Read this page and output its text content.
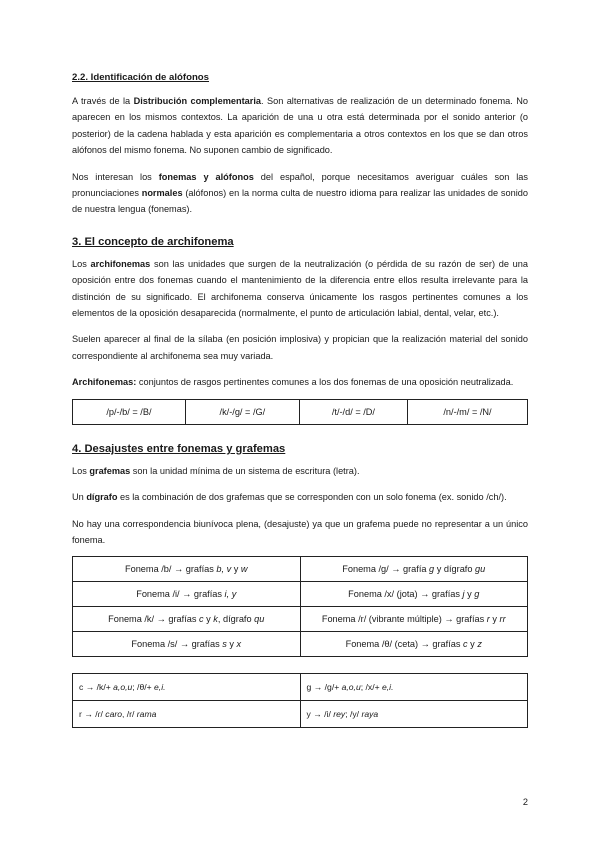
2.2. Identificación de alófonos

A través de la Distribución complementaria. Son alternativas de realización de un determinado fonema. No aparecen en los mismos contextos. La aparición de una u otra está determinada por el sonido anterior (o posterior) de la cadena hablada y esta aparición es complementaria a otros contextos en los que se dan otros alófonos del mismo fonema. No suponen cambio de significado.

Nos interesan los fonemas y alófonos del español, porque necesitamos averiguar cuáles son las pronunciaciones normales (alófonos) en la norma culta de nuestro idioma para realizar las unidades de sonido de nuestra lengua (fonemas).

3. El concepto de archifonema

Los archifonemas son las unidades que surgen de la neutralización (o pérdida de su razón de ser) de una oposición entre dos fonemas cuando el mantenimiento de la diferencia entre ellos resulta irrelevante para la distinción de su significado. El archifonema conserva únicamente los rasgos pertinentes comunes a los elementos de la oposición desaparecida (normalmente, el punto de articulación labial, dental, velar, etc.).

Suelen aparecer al final de la sílaba (en posición implosiva) y propician que la realización material del sonido correspondiente al archifonema sea muy variada.

Archifonemas: conjuntos de rasgos pertinentes comunes a los dos fonemas de una oposición neutralizada.

/p/-/b/ = /B/	/k/-/g/ = /G/	/t/-/d/ = /D/	/n/-/m/ = /N/
4. Desajustes entre fonemas y grafemas

Los grafemas son la unidad mínima de un sistema de escritura (letra).

Un dígrafo es la combinación de dos grafemas que se corresponden con un solo fonema (ex. sonido /ch/).

No hay una correspondencia biunívoca plena, (desajuste) ya que un grafema puede no representar a un único fonema.

Fonema /b/ → grafías b, v y w	Fonema /g/ → grafía g y dígrafo gu
Fonema /i/ → grafías i, y	Fonema /x/ (jota) → grafías j y g
Fonema /k/ → grafías c y k, dígrafo qu	Fonema /r/ (vibrante múltiple) → grafías r y rr
Fonema /s/ → grafías s y x	Fonema /θ/ (ceta) → grafías c y z
c → /k/+ a,o,u; /θ/+ e,i.	g → /g/+ a,o,u; /x/+ e,i.
r → /ɾ/ caro, /r/ rama	y → /i/ rey; /y/ raya
2
